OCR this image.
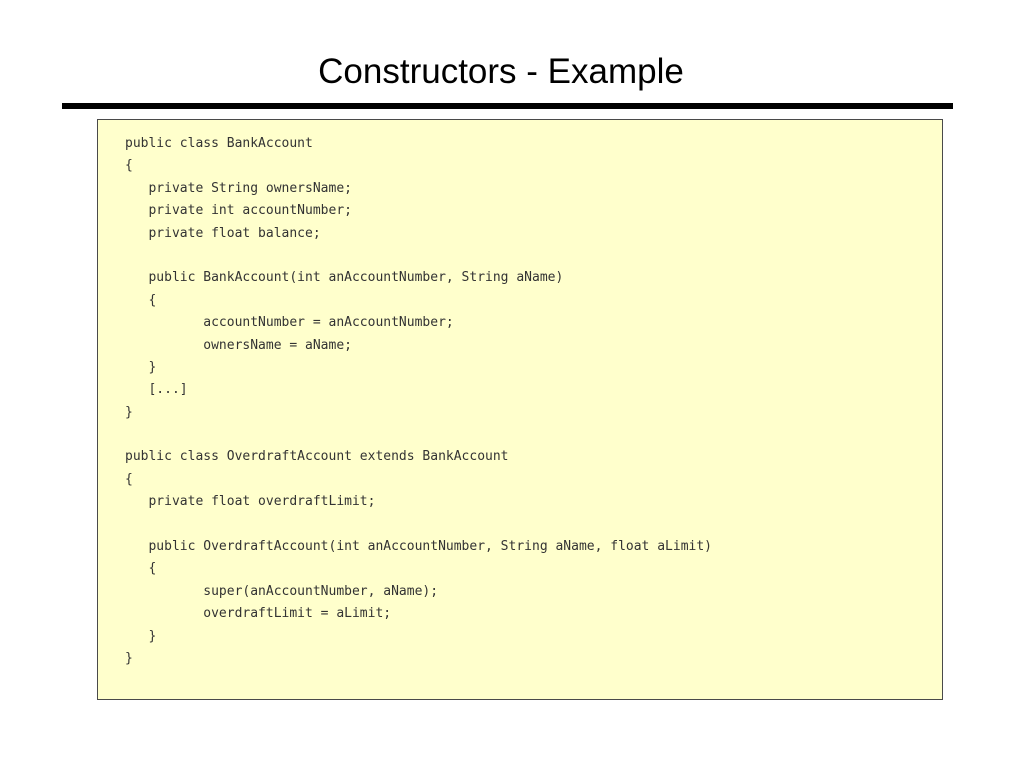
Constructors - Example
public class BankAccount
{
private String ownersName;
private int accountNumber;
private float balance;
public BankAccount(int anAccountNumber, String aName)
{
accountNumber = anAccountNumber;
ownersName = aName;
}
[...]
}
public class OverdraftAccount extends BankAccount
{
private float overdraftLimit;
public OverdraftAccount(int anAccountNumber, String aName, float aLimit)
{
super(anAccountNumber, aName);
overdraftLimit = aLimit;
}
}
